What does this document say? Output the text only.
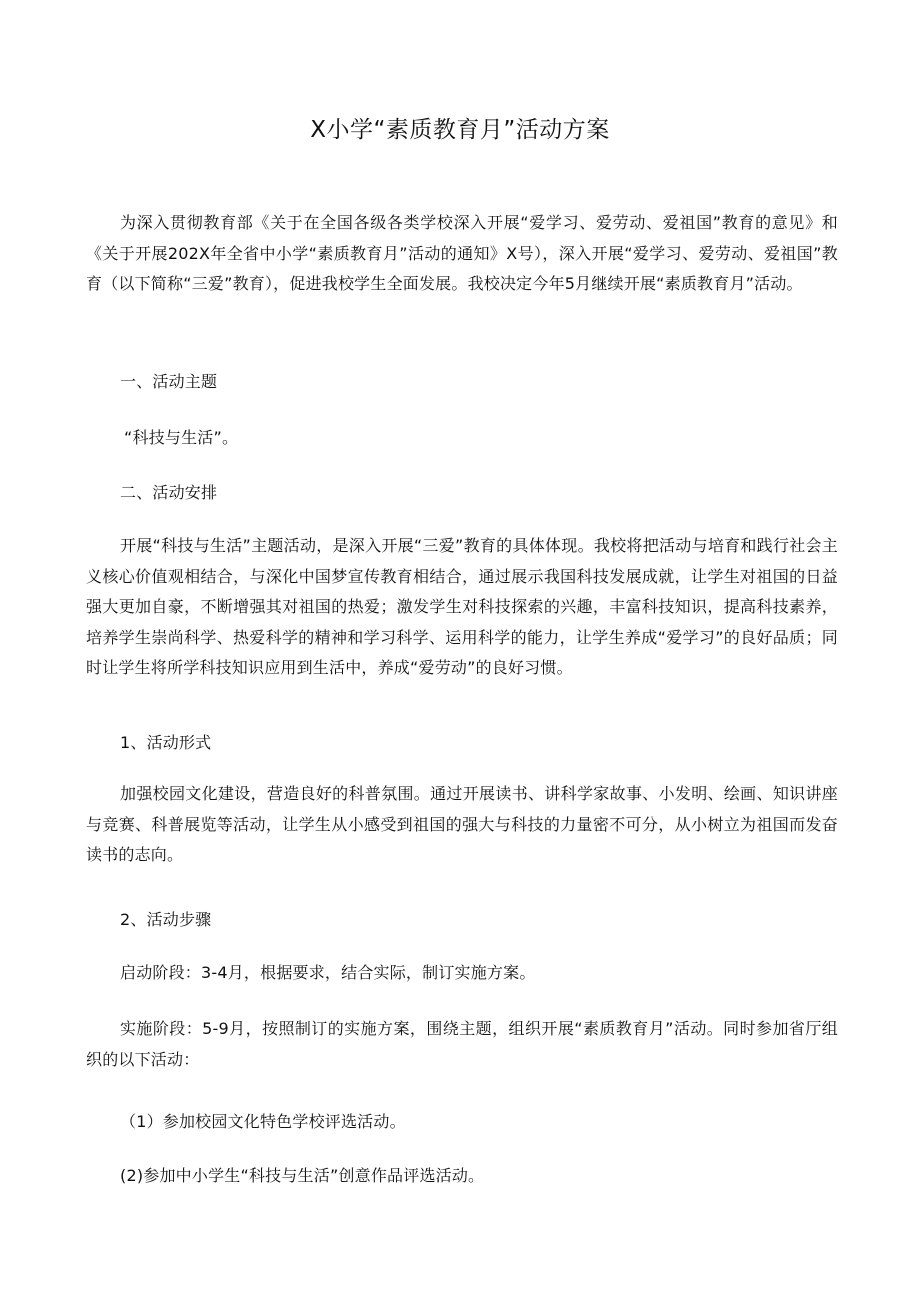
X小学“素质教育月”活动方案

为深入贯彻教育部《关于在全国各级各类学校深入开展“爱学习、爱劳动、爱祖国”教育的意见》和《关于开展202X年全省中小学“素质教育月”活动的通知》X号），深入开展“爱学习、爱劳动、爱祖国”教育（以下简称“三爱”教育），促进我校学生全面发展。我校决定今年5月继续开展“素质教育月”活动。

一、活动主题

“科技与生活”。

二、活动安排

开展“科技与生活”主题活动，是深入开展“三爱”教育的具体体现。我校将把活动与培育和践行社会主义核心价值观相结合，与深化中国梦宣传教育相结合，通过展示我国科技发展成就，让学生对祖国的日益强大更加自豪，不断增强其对祖国的热爱；激发学生对科技探索的兴趣，丰富科技知识，提高科技素养，培养学生崇尚科学、热爱科学的精神和学习科学、运用科学的能力，让学生养成“爱学习”的良好品质；同时让学生将所学科技知识应用到生活中，养成“爱劳动”的良好习惯。

1、活动形式

加强校园文化建设，营造良好的科普氛围。通过开展读书、讲科学家故事、小发明、绘画、知识讲座与竞赛、科普展览等活动，让学生从小感受到祖国的强大与科技的力量密不可分，从小树立为祖国而发奋读书的志向。

2、活动步骤

启动阶段：3-4月，根据要求，结合实际，制订实施方案。

实施阶段：5-9月，按照制订的实施方案，围绕主题，组织开展“素质教育月”活动。同时参加省厅组织的以下活动：

（1）参加校园文化特色学校评选活动。

(2)参加中小学生“科技与生活”创意作品评选活动。
